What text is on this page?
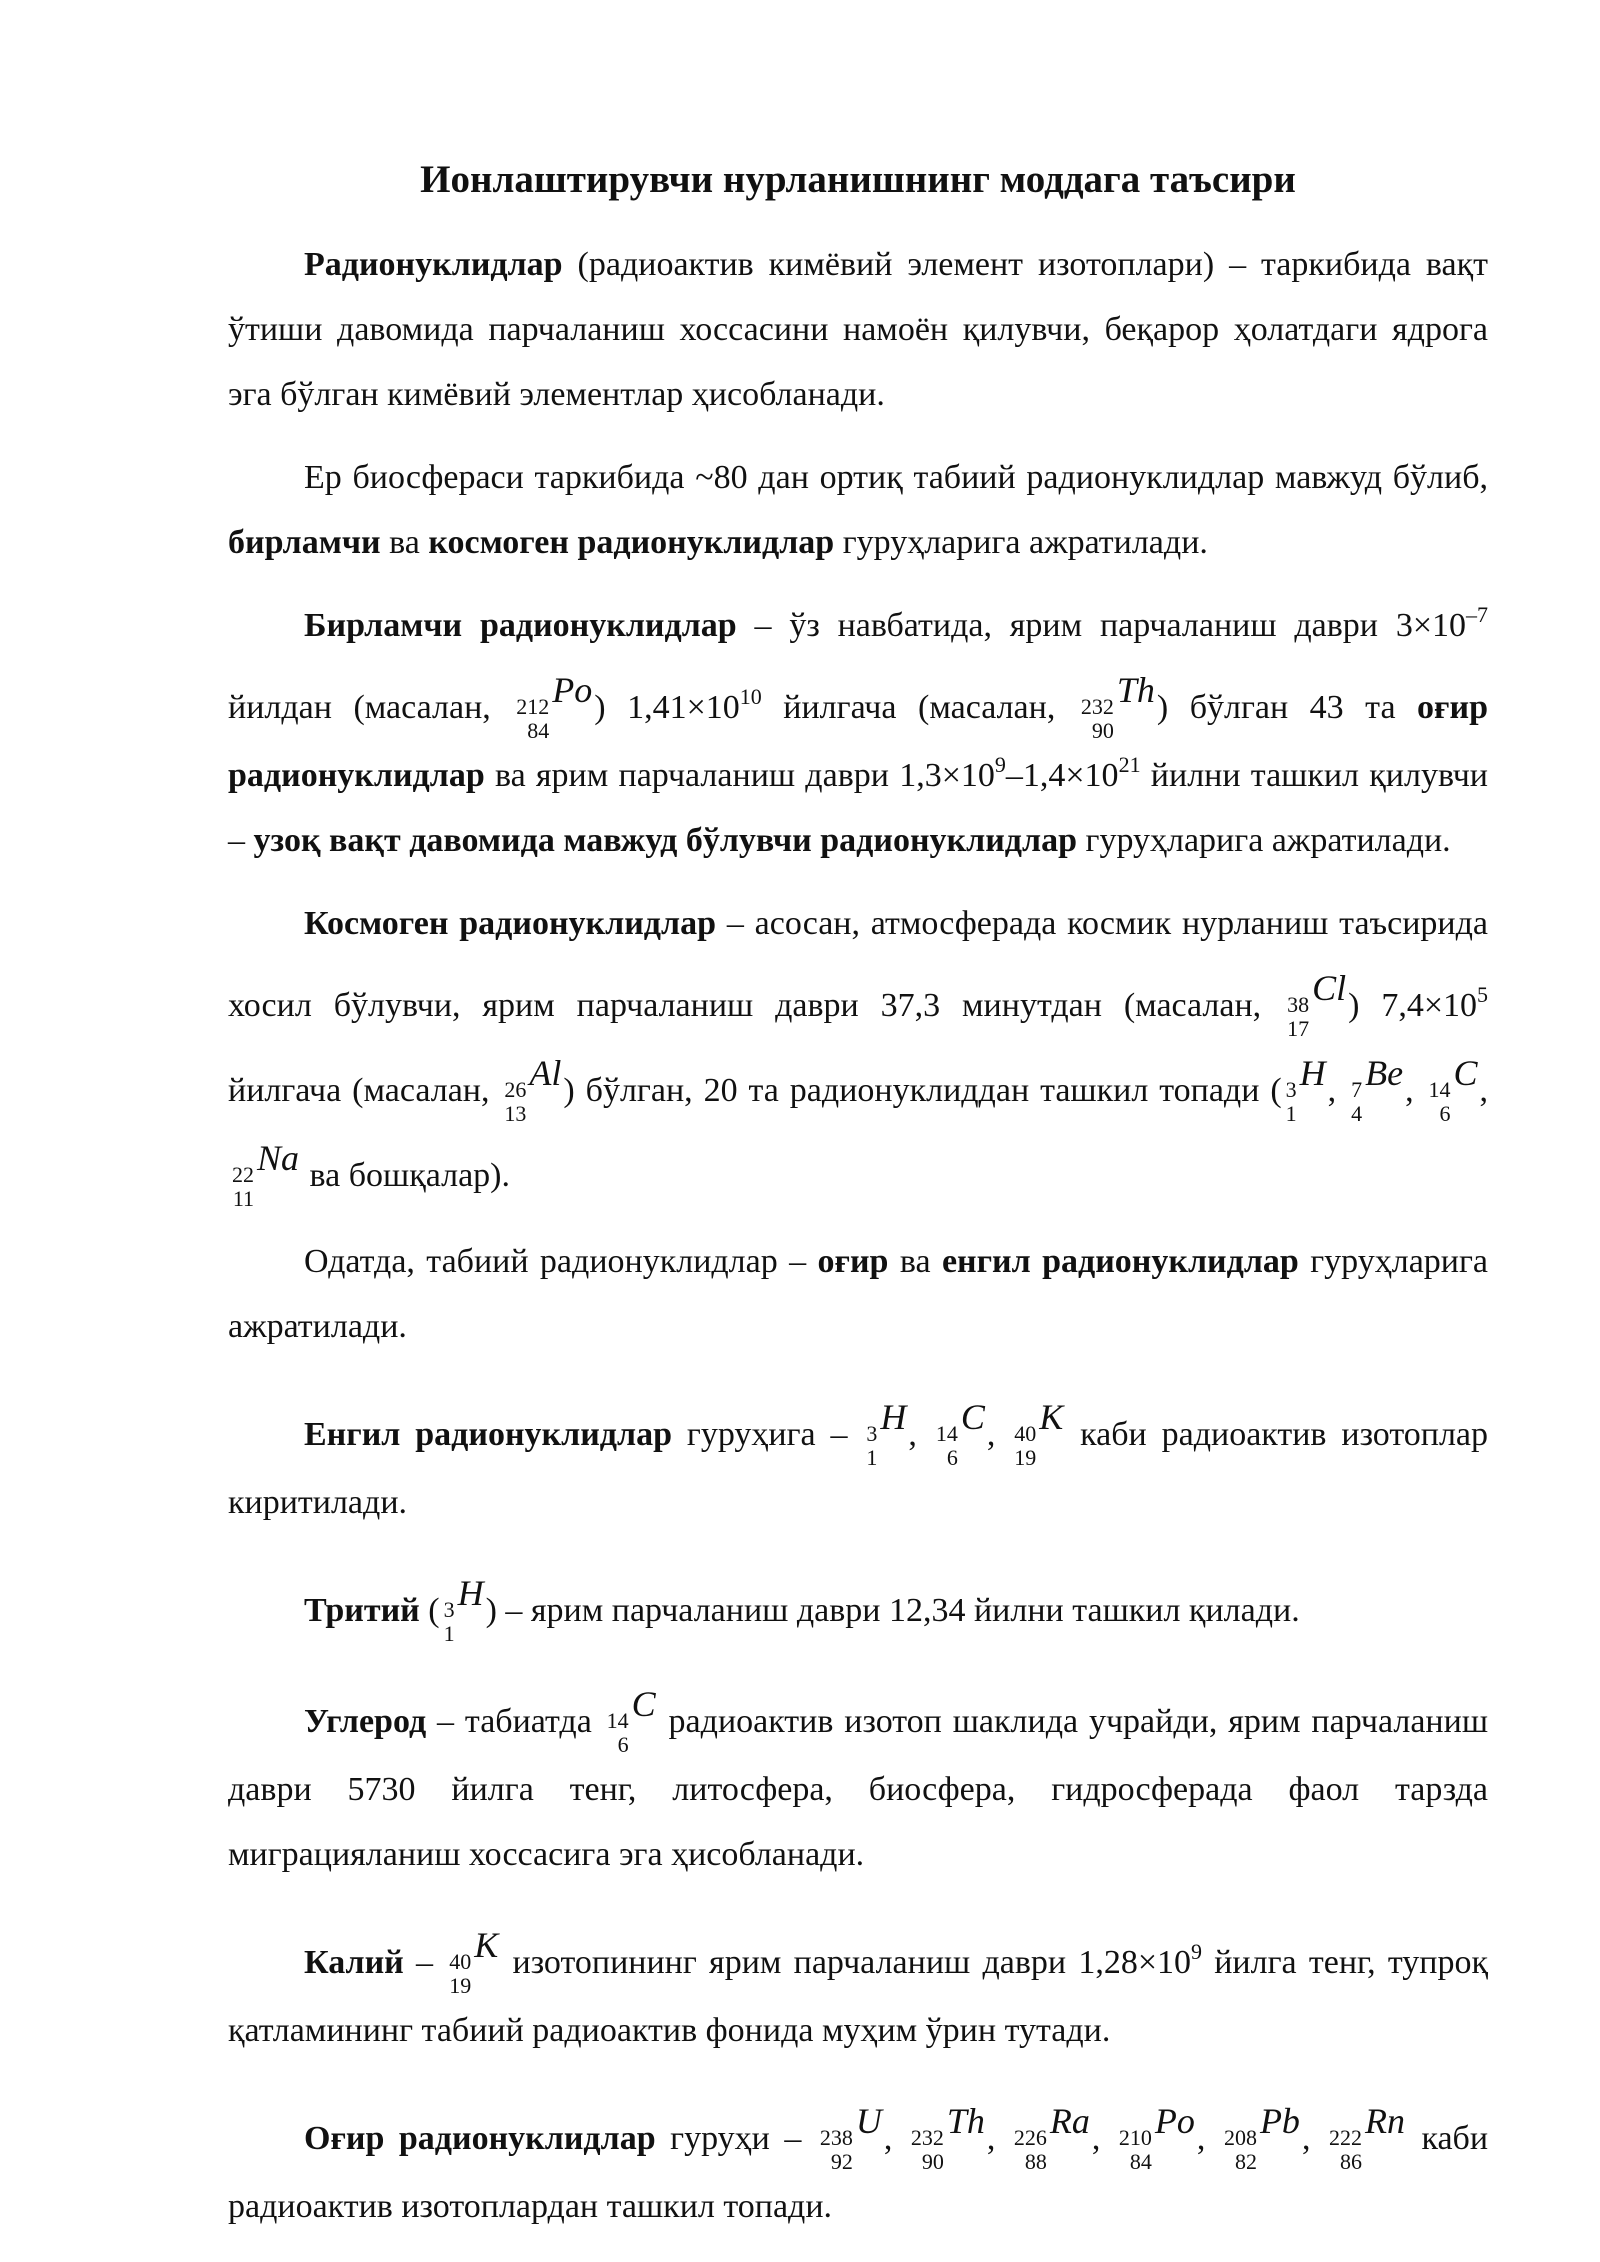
Ионлаштирувчи нурланишнинг моддага таъсири

Радионуклидлар (радиоактив кимёвий элемент изотоплари) – таркибида вақт ўтиши давомида парчаланиш хоссасини намоён қилувчи, беқарор ҳолатдаги ядрога эга бўлган кимёвий элементлар ҳисобланади.

Ер биосфераси таркибида ~80 дан ортиқ табиий радионуклидлар мавжуд бўлиб, бирламчи ва космоген радионуклидлар гуруҳларига ажратилади.

Бирламчи радионуклидлар – ўз навбатида, ярим парчаланиш даври $3\times 10^{-7}$ йилдан (масалан, 212
84
Po) $1,41\times 10^{10}$ йилгача (масалан, 232
90
Th) бўлган 43 та оғир радионуклидлар ва ярим парчаланиш даври $1,3\times 10^9-1,4\times 10^{21}$ йилни ташкил қилувчи – узоқ вақт давомида мавжуд бўлувчи радионуклидлар гуруҳларига ажратилади.

Космоген радионуклидлар – асосан, атмосферада космик нурланиш таъсирида хосил бўлувчи, ярим парчаланиш даври 37,3 минутдан (масалан, 38
17
Cl) $7,4\times 10^5$ йилгача (масалан, 26
13
Al) бўлган, 20 та радионуклиддан ташкил топади ( 3
1
H, 7
4
Be, 14
6
C,
22
11
Na ва бошқалар).

Одатда, табиий радионуклидлар – оғир ва енгил радионуклидлар гуруҳларига ажратилади.

Енгил радионуклидлар гуруҳига – 3
1
H, 14
6
C, 40
19
K каби радиоактив изотоплар киритилади.

Тритий ( 3
1
H) – ярим парчаланиш даври 12,34 йилни ташкил қилади.

Углерод – табиатда 14
6
C радиоактив изотоп шаклида учрайди, ярим парчаланиш даври 5730 йилга тенг, литосфера, биосфера, гидросферада фаол тарзда миграцияланиш хоссасига эга ҳисобланади.

Калий – 40
19
K изотопининг ярим парчаланиш даври $1,28\times 10^9$ йилга тенг, тупроқ қатламининг табиий радиоактив фонида муҳим ўрин тутади.

Оғир радионуклидлар гуруҳи – 238
92
U, 232
90
Th, 226
88
Ra, 210
84
Po, 208
82
Pb, 222
86
Rn каби радиоактив изотоплардан ташкил топади.
